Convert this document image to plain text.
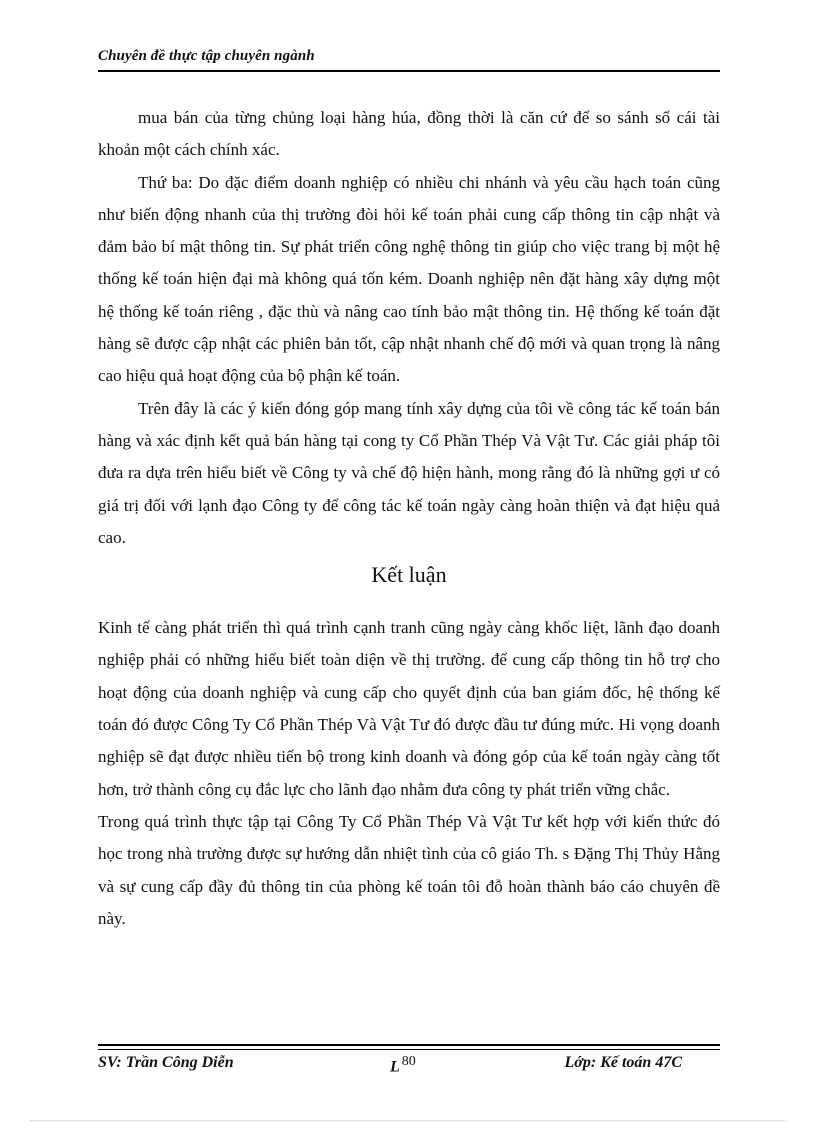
Chuyên đề thực tập chuyên ngành

mua bán của từng chủng loại hàng húa, đồng thời là căn cứ để so sánh sổ cái tài khoản một cách chính xác.

Thứ ba: Do đặc điểm doanh nghiệp có nhiều chi nhánh và yêu cầu hạch toán cũng như biến động nhanh của thị trường đòi hỏi kế toán phải cung cấp thông tin cập nhật và đảm bảo bí mật thông tin. Sự phát triển công nghệ thông tin giúp cho việc trang bị một hệ thống kế toán hiện đại mà không quá tốn kém. Doanh nghiệp nên đặt hàng xây dựng một hệ thống kế toán riêng , đặc thù và nâng cao tính bảo mật thông tin. Hệ thống kế toán đặt hàng sẽ được cập nhật các phiên bản tốt, cập nhật nhanh chế độ mới và quan trọng là nâng cao hiệu quả hoạt động của bộ phận kế toán.

Trên đây là các ý kiến đóng góp mang tính xây dựng của tôi về công tác kế toán bán hàng và xác định kết quả bán hàng tại cong ty Cổ Phần Thép Và Vật Tư. Các giải pháp tôi đưa ra dựa trên hiểu biết về Công ty và chế độ hiện hành, mong rằng đó là những gợi ư có giá trị đối với lạnh đạo Công ty để công tác kế toán ngày càng hoàn thiện và đạt hiệu quả cao.

Kết luận

Kinh tế càng phát triển thì quá trình cạnh tranh cũng ngày càng khốc liệt, lãnh đạo doanh nghiệp phải có những hiểu biết toàn diện về thị trường. để cung cấp thông tin hỗ trợ cho hoạt động của doanh nghiệp và cung cấp cho quyết định của ban giám đốc, hệ thống kế toán đó được Công Ty Cổ Phần Thép Và Vật Tư đó được đầu tư đúng mức. Hi vọng doanh nghiệp sẽ đạt được nhiều tiến bộ trong kinh doanh và đóng góp của kế toán ngày càng tốt hơn, trở thành công cụ đắc lực cho lãnh đạo nhằm đưa công ty phát triển vững chắc.

Trong quá trình thực tập tại Công Ty Cổ Phần Thép Và Vật Tư kết hợp với kiến thức đó học trong nhà trường được sự hướng dẫn nhiệt tình của cô giáo Th. s Đặng Thị Thủy Hằng và sự cung cấp đầy đủ thông tin của phòng kế toán tôi đỗ hoàn thành báo cáo chuyên đề này.

SV: Trần Công Diễn	L 80	Lớp: Kế toán 47C
